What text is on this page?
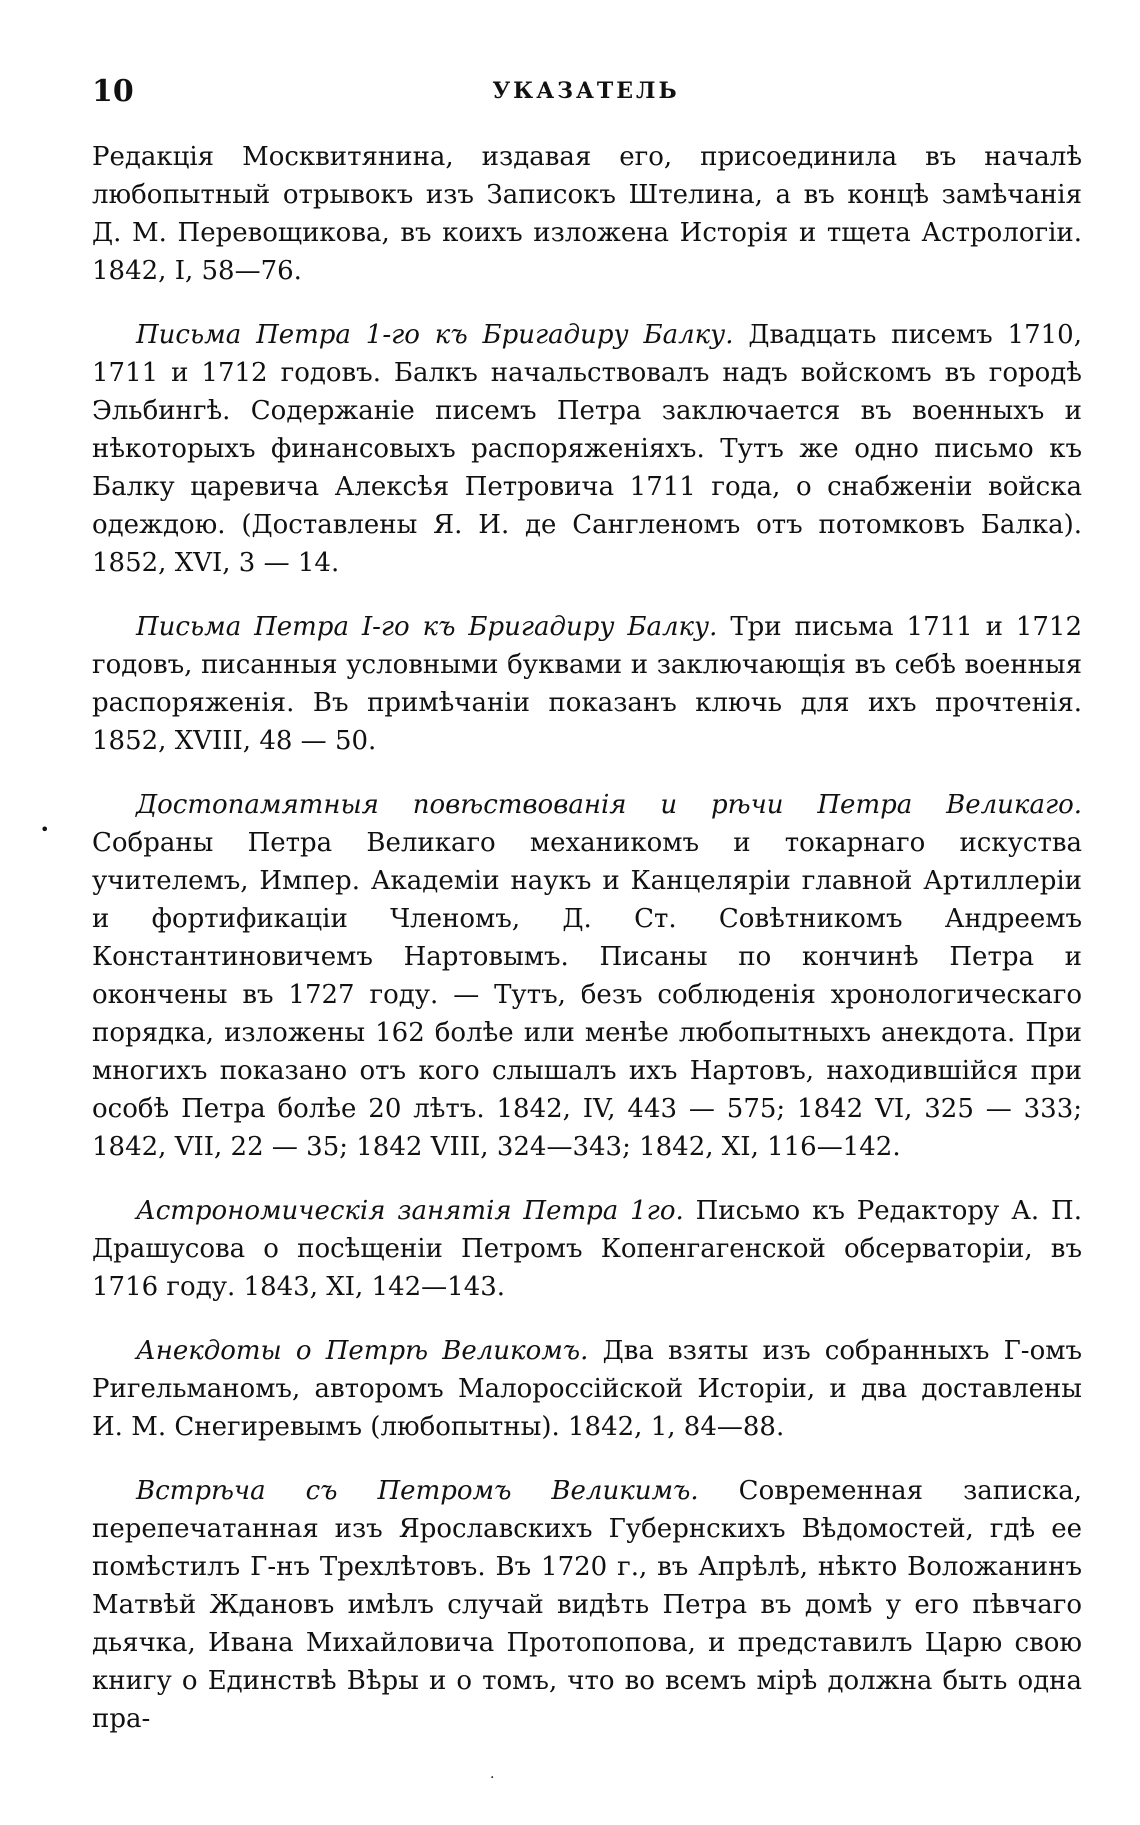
10	УКАЗАТЕЛЬ
•

Редакція Москвитянина, издавая его, присоединила въ началѣ любопытный отрывокъ изъ Записокъ Штелина, а въ концѣ замѣчанія Д. М. Перевощикова, въ коихъ изложена Исторія и тщета Астрологіи. 1842, I, 58—76.

Письма Петра 1-го къ Бригадиру Балку. Двадцать писемъ 1710, 1711 и 1712 годовъ. Балкъ начальствовалъ надъ войскомъ въ городѣ Эльбингѣ. Содержаніе писемъ Петра заключается въ военныхъ и нѣкоторыхъ финансовыхъ распоряженіяхъ. Тутъ же одно письмо къ Балку царевича Алексѣя Петровича 1711 года, о снабженіи войска одеждою. (Доставлены Я. И. де Сангленомъ отъ потомковъ Балка). 1852, XVI, 3 — 14.

Письма Петра I-го къ Бригадиру Балку. Три письма 1711 и 1712 годовъ, писанныя условными буквами и заключающія въ себѣ военныя распоряженія. Въ примѣчаніи показанъ ключь для ихъ прочтенія. 1852, XVIII, 48 — 50.

Достопамятныя повѣствованія и рѣчи Петра Великаго. Собраны Петра Великаго механикомъ и токарнаго искуства учителемъ, Импер. Академіи наукъ и Канцеляріи главной Артиллеріи и фортификаціи Членомъ, Д. Ст. Совѣтникомъ Андреемъ Константиновичемъ Нартовымъ. Писаны по кончинѣ Петра и окончены въ 1727 году. — Тутъ, безъ соблюденія хронологическаго порядка, изложены 162 болѣе или менѣе любопытныхъ анекдота. При многихъ показано отъ кого слышалъ ихъ Нартовъ, находившійся при особѣ Петра болѣе 20 лѣтъ. 1842, IV, 443 — 575; 1842 VI, 325 — 333; 1842, VII, 22 — 35; 1842 VIII, 324—343; 1842, XI, 116—142.

Астрономическія занятія Петра 1го. Письмо къ Редактору А. П. Драшусова о посѣщеніи Петромъ Копенгагенской обсерваторіи, въ 1716 году. 1843, XI, 142—143.

Анекдоты о Петрѣ Великомъ. Два взяты изъ собранныхъ Г-омъ Ригельманомъ, авторомъ Малороссійской Исторіи, и два доставлены И. М. Снегиревымъ (любопытны). 1842, 1, 84—88.

Встрѣча съ Петромъ Великимъ. Современная записка, перепечатанная изъ Ярославскихъ Губернскихъ Вѣдомостей, гдѣ ее помѣстилъ Г-нъ Трехлѣтовъ. Въ 1720 г., въ Апрѣлѣ, нѣкто Воложанинъ Матвѣй Ждановъ имѣлъ случай видѣть Петра въ домѣ у его пѣвчаго дьячка, Ивана Михайловича Протопопова, и представилъ Царю свою книгу о Единствѣ Вѣры и о томъ, что во всемъ мірѣ должна быть одна пра-

·
